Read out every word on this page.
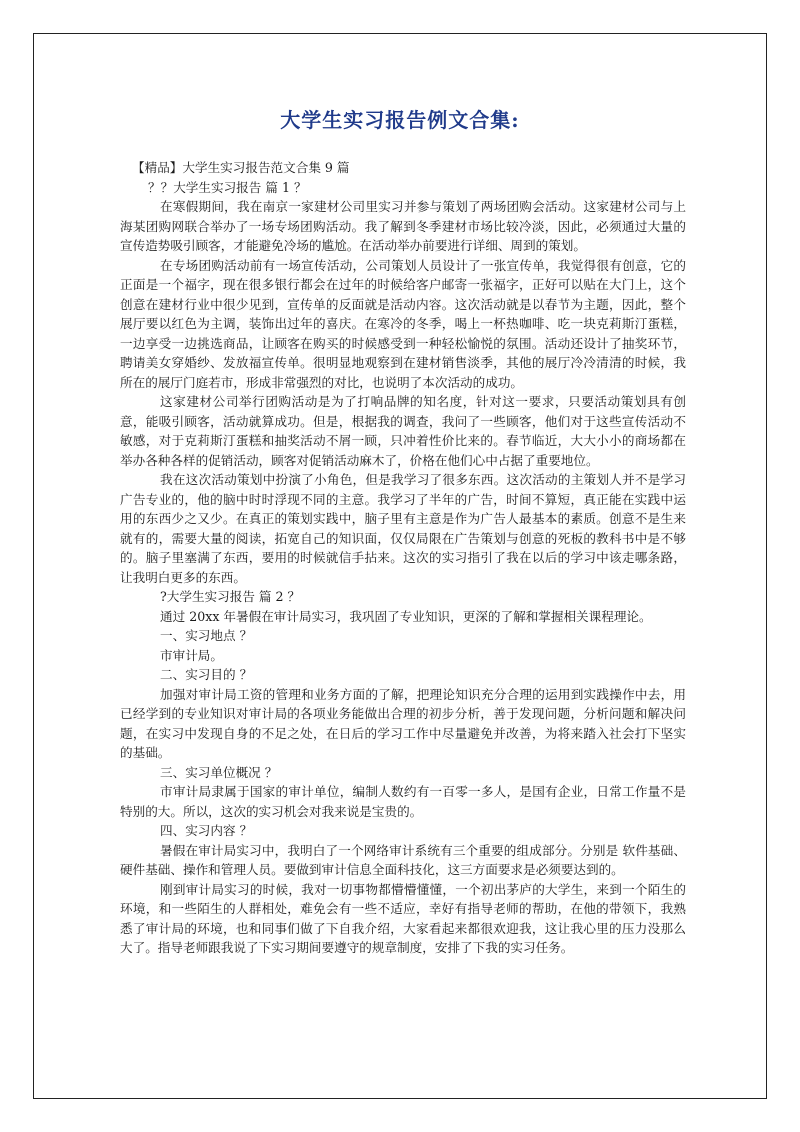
大学生实习报告例文合集:

【精品】大学生实习报告范文合集 9 篇

？？大学生实习报告 篇 1 ？

在寒假期间，我在南京一家建材公司里实习并参与策划了两场团购会活动。这家建材公司与上海某团购网联合举办了一场专场团购活动。我了解到冬季建材市场比较冷淡，因此，必须通过大量的宣传造势吸引顾客，才能避免冷场的尴尬。在活动举办前要进行详细、周到的策划。

在专场团购活动前有一场宣传活动，公司策划人员设计了一张宣传单，我觉得很有创意，它的正面是一个福字，现在很多银行都会在过年的时候给客户邮寄一张福字，正好可以贴在大门上，这个创意在建材行业中很少见到，宣传单的反面就是活动内容。这次活动就是以春节为主题，因此，整个展厅要以红色为主调，装饰出过年的喜庆。在寒冷的冬季，喝上一杯热咖啡、吃一块克莉斯汀蛋糕，一边享受一边挑选商品，让顾客在购买的时候感受到一种轻松愉悦的氛围。活动还设计了抽奖环节，聘请美女穿婚纱、发放福宣传单。很明显地观察到在建材销售淡季，其他的展厅冷冷清清的时候，我所在的展厅门庭若市，形成非常强烈的对比，也说明了本次活动的成功。

这家建材公司举行团购活动是为了打响品牌的知名度，针对这一要求，只要活动策划具有创意，能吸引顾客，活动就算成功。但是，根据我的调查，我问了一些顾客，他们对于这些宣传活动不敏感，对于克莉斯汀蛋糕和抽奖活动不屑一顾，只冲着性价比来的。春节临近，大大小小的商场都在举办各种各样的促销活动，顾客对促销活动麻木了，价格在他们心中占据了重要地位。

我在这次活动策划中扮演了小角色，但是我学习了很多东西。这次活动的主策划人并不是学习广告专业的，他的脑中时时浮现不同的主意。我学习了半年的广告，时间不算短，真正能在实践中运用的东西少之又少。在真正的策划实践中，脑子里有主意是作为广告人最基本的素质。创意不是生来就有的，需要大量的阅读，拓宽自己的知识面，仅仅局限在广告策划与创意的死板的教科书中是不够的。脑子里塞满了东西，要用的时候就信手拈来。这次的实习指引了我在以后的学习中该走哪条路，让我明白更多的东西。

?大学生实习报告 篇 2 ？

通过 20xx 年暑假在审计局实习，我巩固了专业知识，更深的了解和掌握相关课程理论。

一、实习地点 ？

市审计局。

二、实习目的 ？

加强对审计局工资的管理和业务方面的了解，把理论知识充分合理的运用到实践操作中去，用已经学到的专业知识对审计局的各项业务能做出合理的初步分析，善于发现问题，分析问题和解决问题，在实习中发现自身的不足之处，在日后的学习工作中尽量避免并改善，为将来踏入社会打下坚实的基础。

三、实习单位概况 ？

市审计局隶属于国家的审计单位，编制人数约有一百零一多人，是国有企业，日常工作量不是特别的大。所以，这次的实习机会对我来说是宝贵的。

四、实习内容 ？

暑假在审计局实习中，我明白了一个网络审计系统有三个重要的组成部分。分别是 软件基础、硬件基础、操作和管理人员。要做到审计信息全面科技化，这三方面要求是必须要达到的。

刚到审计局实习的时候，我对一切事物都懵懵懂懂，一个初出茅庐的大学生，来到一个陌生的环境，和一些陌生的人群相处，难免会有一些不适应，幸好有指导老师的帮助，在他的带领下，我熟悉了审计局的环境，也和同事们做了下自我介绍，大家看起来都很欢迎我，这让我心里的压力没那么大了。指导老师跟我说了下实习期间要遵守的规章制度，安排了下我的实习任务。
